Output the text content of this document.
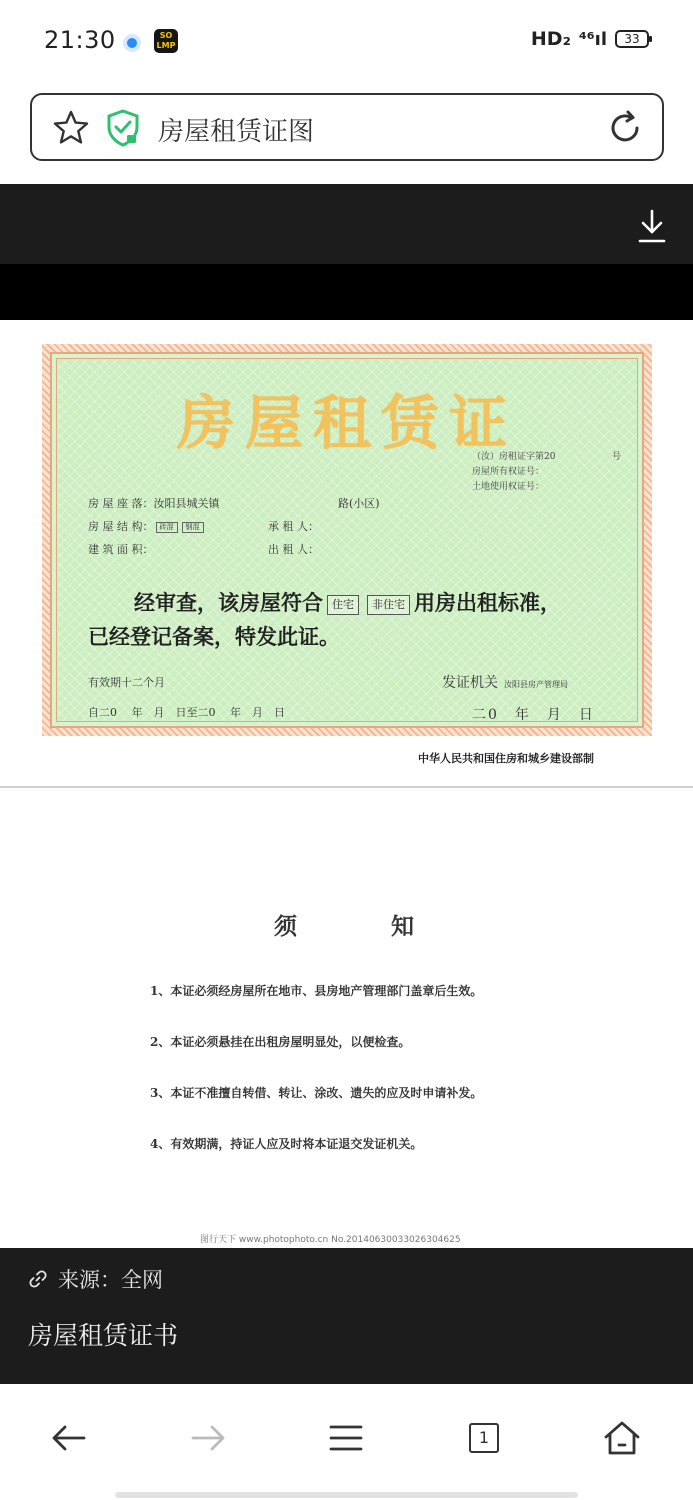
21:30	SO LMP	HD₂ ⁴⁶ıl	33
房屋租赁证图
房屋租赁证
（汝）房租证字第20	号
房屋所有权证号：
土地使用权证号：
房 屋 座 落：汝阳县城关镇	路(小区)
房 屋 结 构： 砖混 钢混	承 租 人：
建 筑 面 积：	出 租 人：
经审查，该房屋符合 住宅 非住宅 用房出租标准，
已经登记备案，特发此证。
有效期十二个月
自二0　 年　月　日至二0　 年　月　日
发证机关 汝阳县房产管理局
二0　年　月　日
中华人民共和国住房和城乡建设部制
须知
1、本证必须经房屋所在地市、县房地产管理部门盖章后生效。
2、本证必须悬挂在出租房屋明显处，以便检查。
3、本证不准擅自转借、转让、涂改、遗失的应及时申请补发。
4、有效期满，持证人应及时将本证退交发证机关。
图行天下 www.photophoto.cn No.20140630033026304625
来源：全网
房屋租赁证书
1
